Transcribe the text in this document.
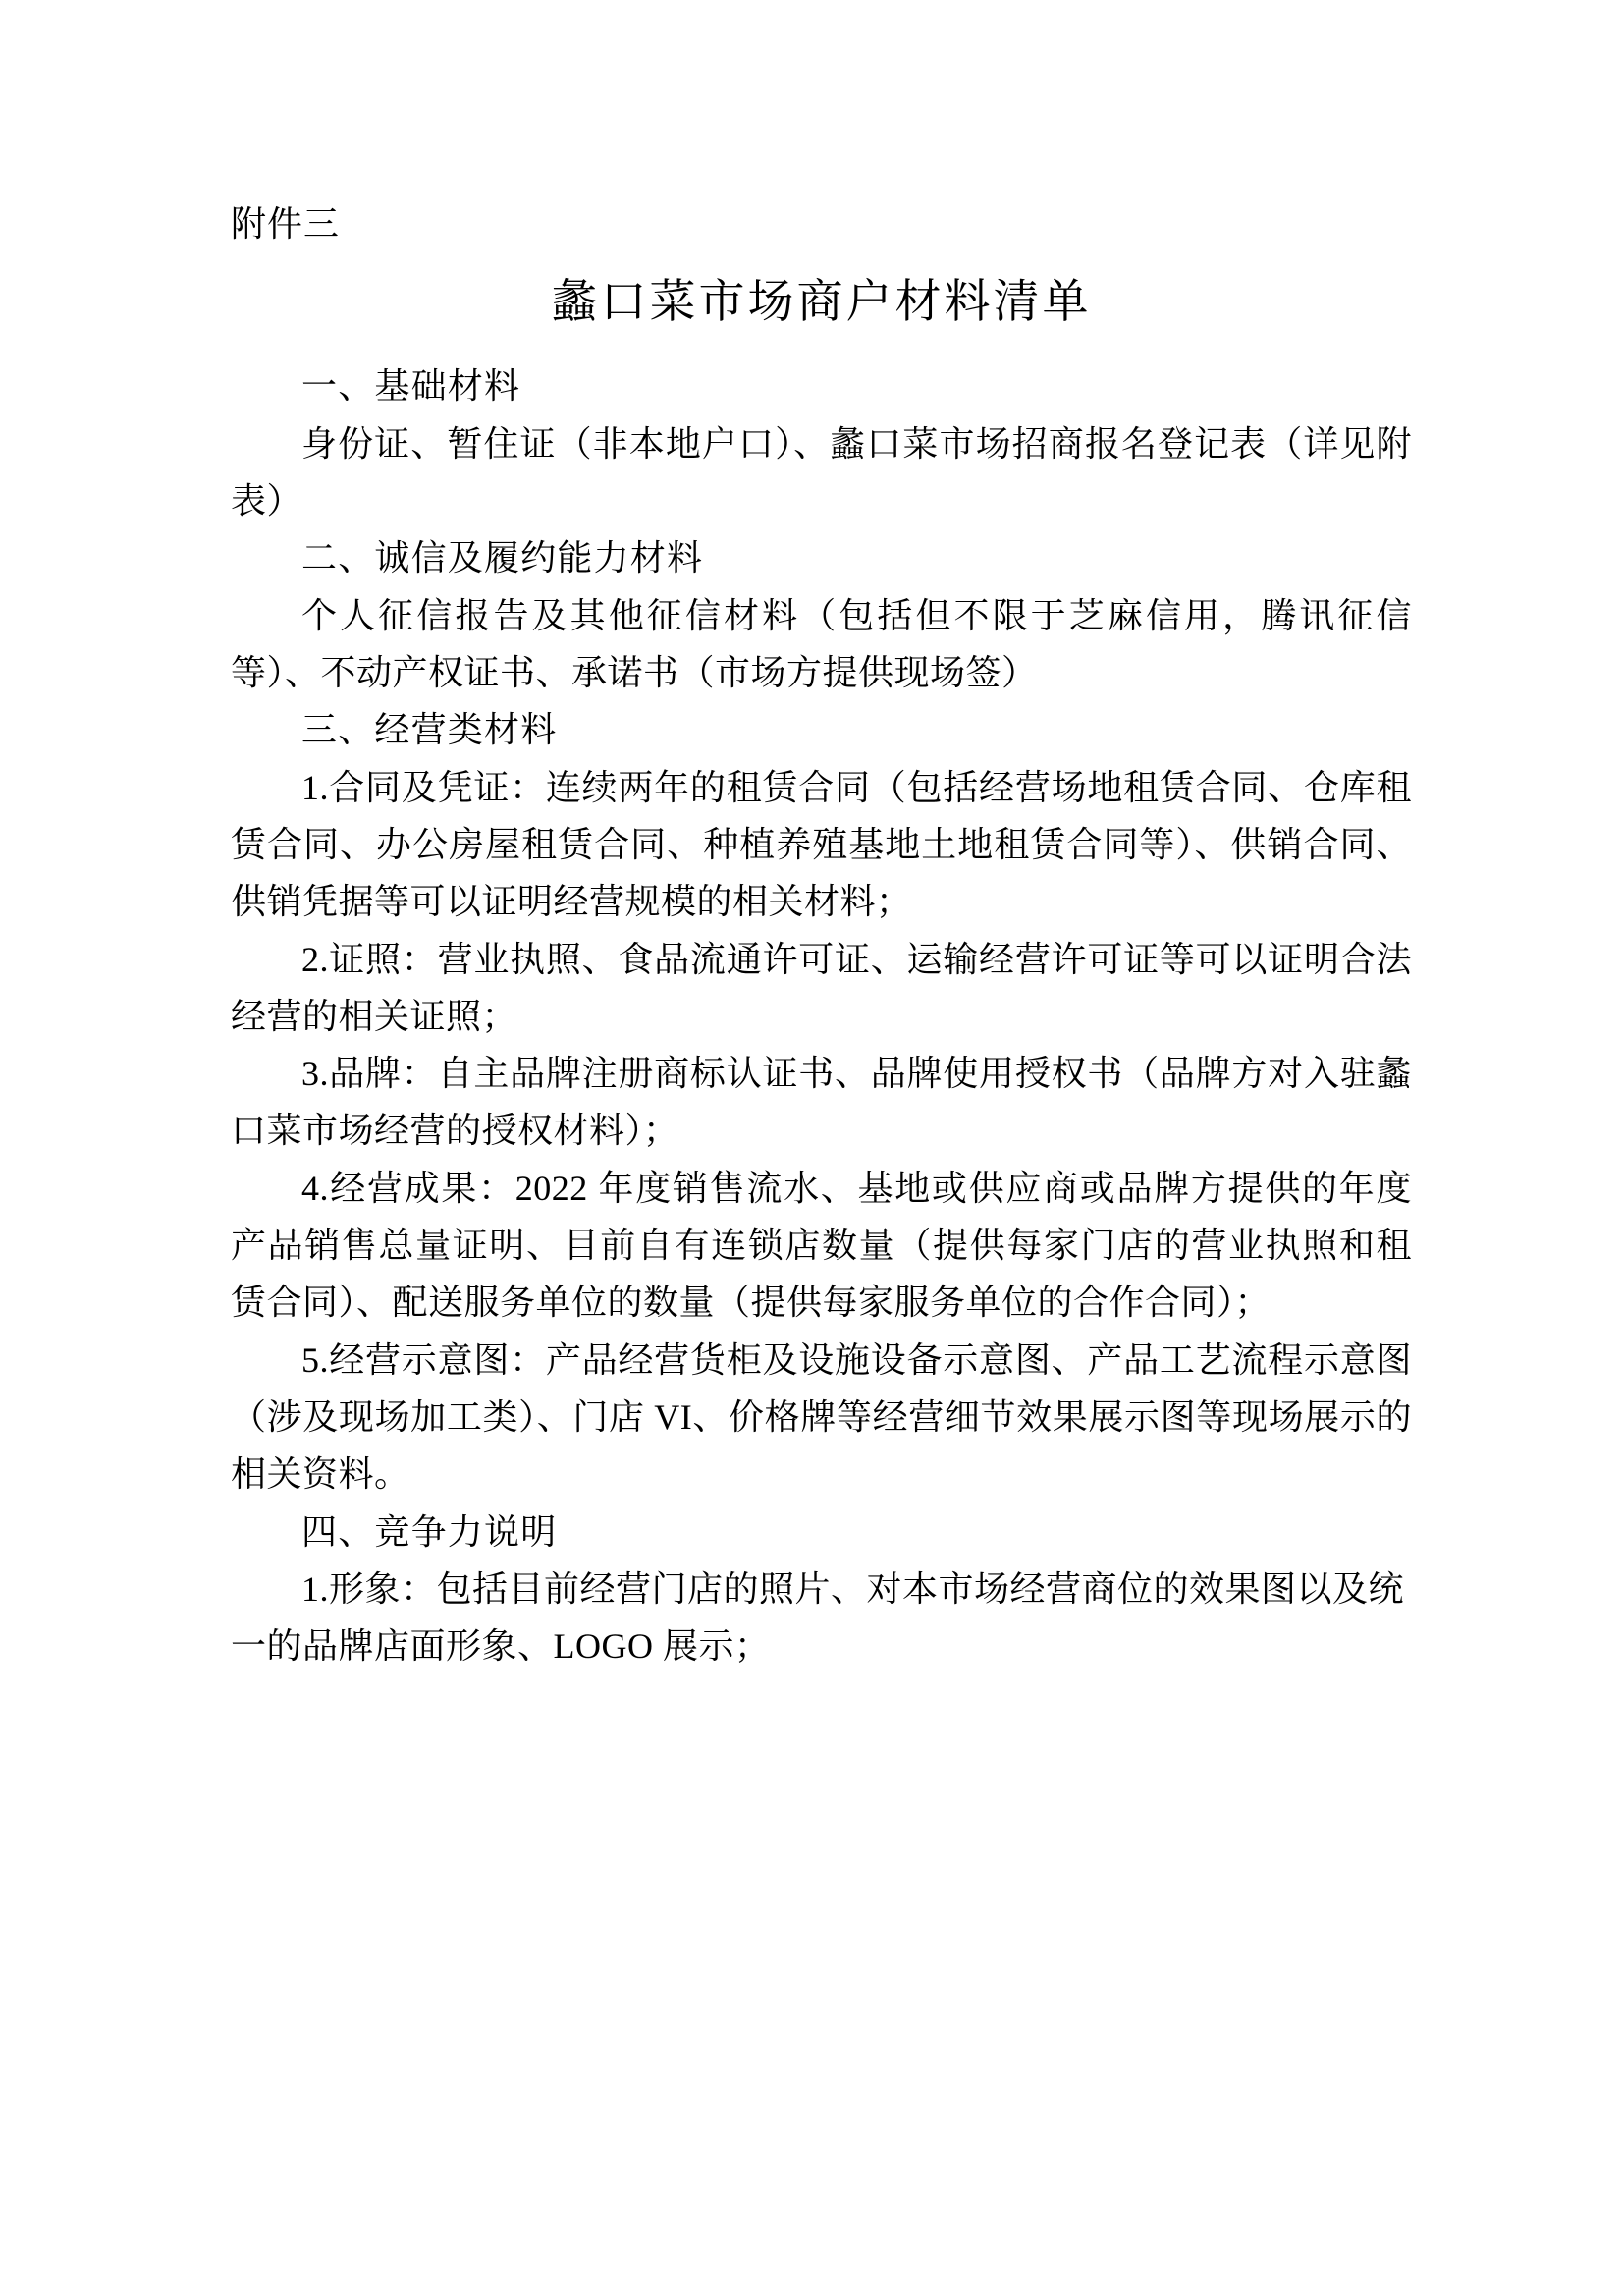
附件三
蠡口菜市场商户材料清单
一、基础材料

身份证、暂住证（非本地户口）、蠡口菜市场招商报名登记表（详见附表）

二、诚信及履约能力材料

个人征信报告及其他征信材料（包括但不限于芝麻信用，腾讯征信等）、不动产权证书、承诺书（市场方提供现场签）

三、经营类材料

1.合同及凭证：连续两年的租赁合同（包括经营场地租赁合同、仓库租赁合同、办公房屋租赁合同、种植养殖基地土地租赁合同等）、供销合同、供销凭据等可以证明经营规模的相关材料；

2.证照：营业执照、食品流通许可证、运输经营许可证等可以证明合法经营的相关证照；

3.品牌：自主品牌注册商标认证书、品牌使用授权书（品牌方对入驻蠡口菜市场经营的授权材料）；

4.经营成果：2022 年度销售流水、基地或供应商或品牌方提供的年度产品销售总量证明、目前自有连锁店数量（提供每家门店的营业执照和租赁合同）、配送服务单位的数量（提供每家服务单位的合作合同）；

5.经营示意图：产品经营货柜及设施设备示意图、产品工艺流程示意图（涉及现场加工类）、门店 VI、价格牌等经营细节效果展示图等现场展示的相关资料。

四、竞争力说明

1.形象：包括目前经营门店的照片、对本市场经营商位的效果图以及统一的品牌店面形象、LOGO 展示；
